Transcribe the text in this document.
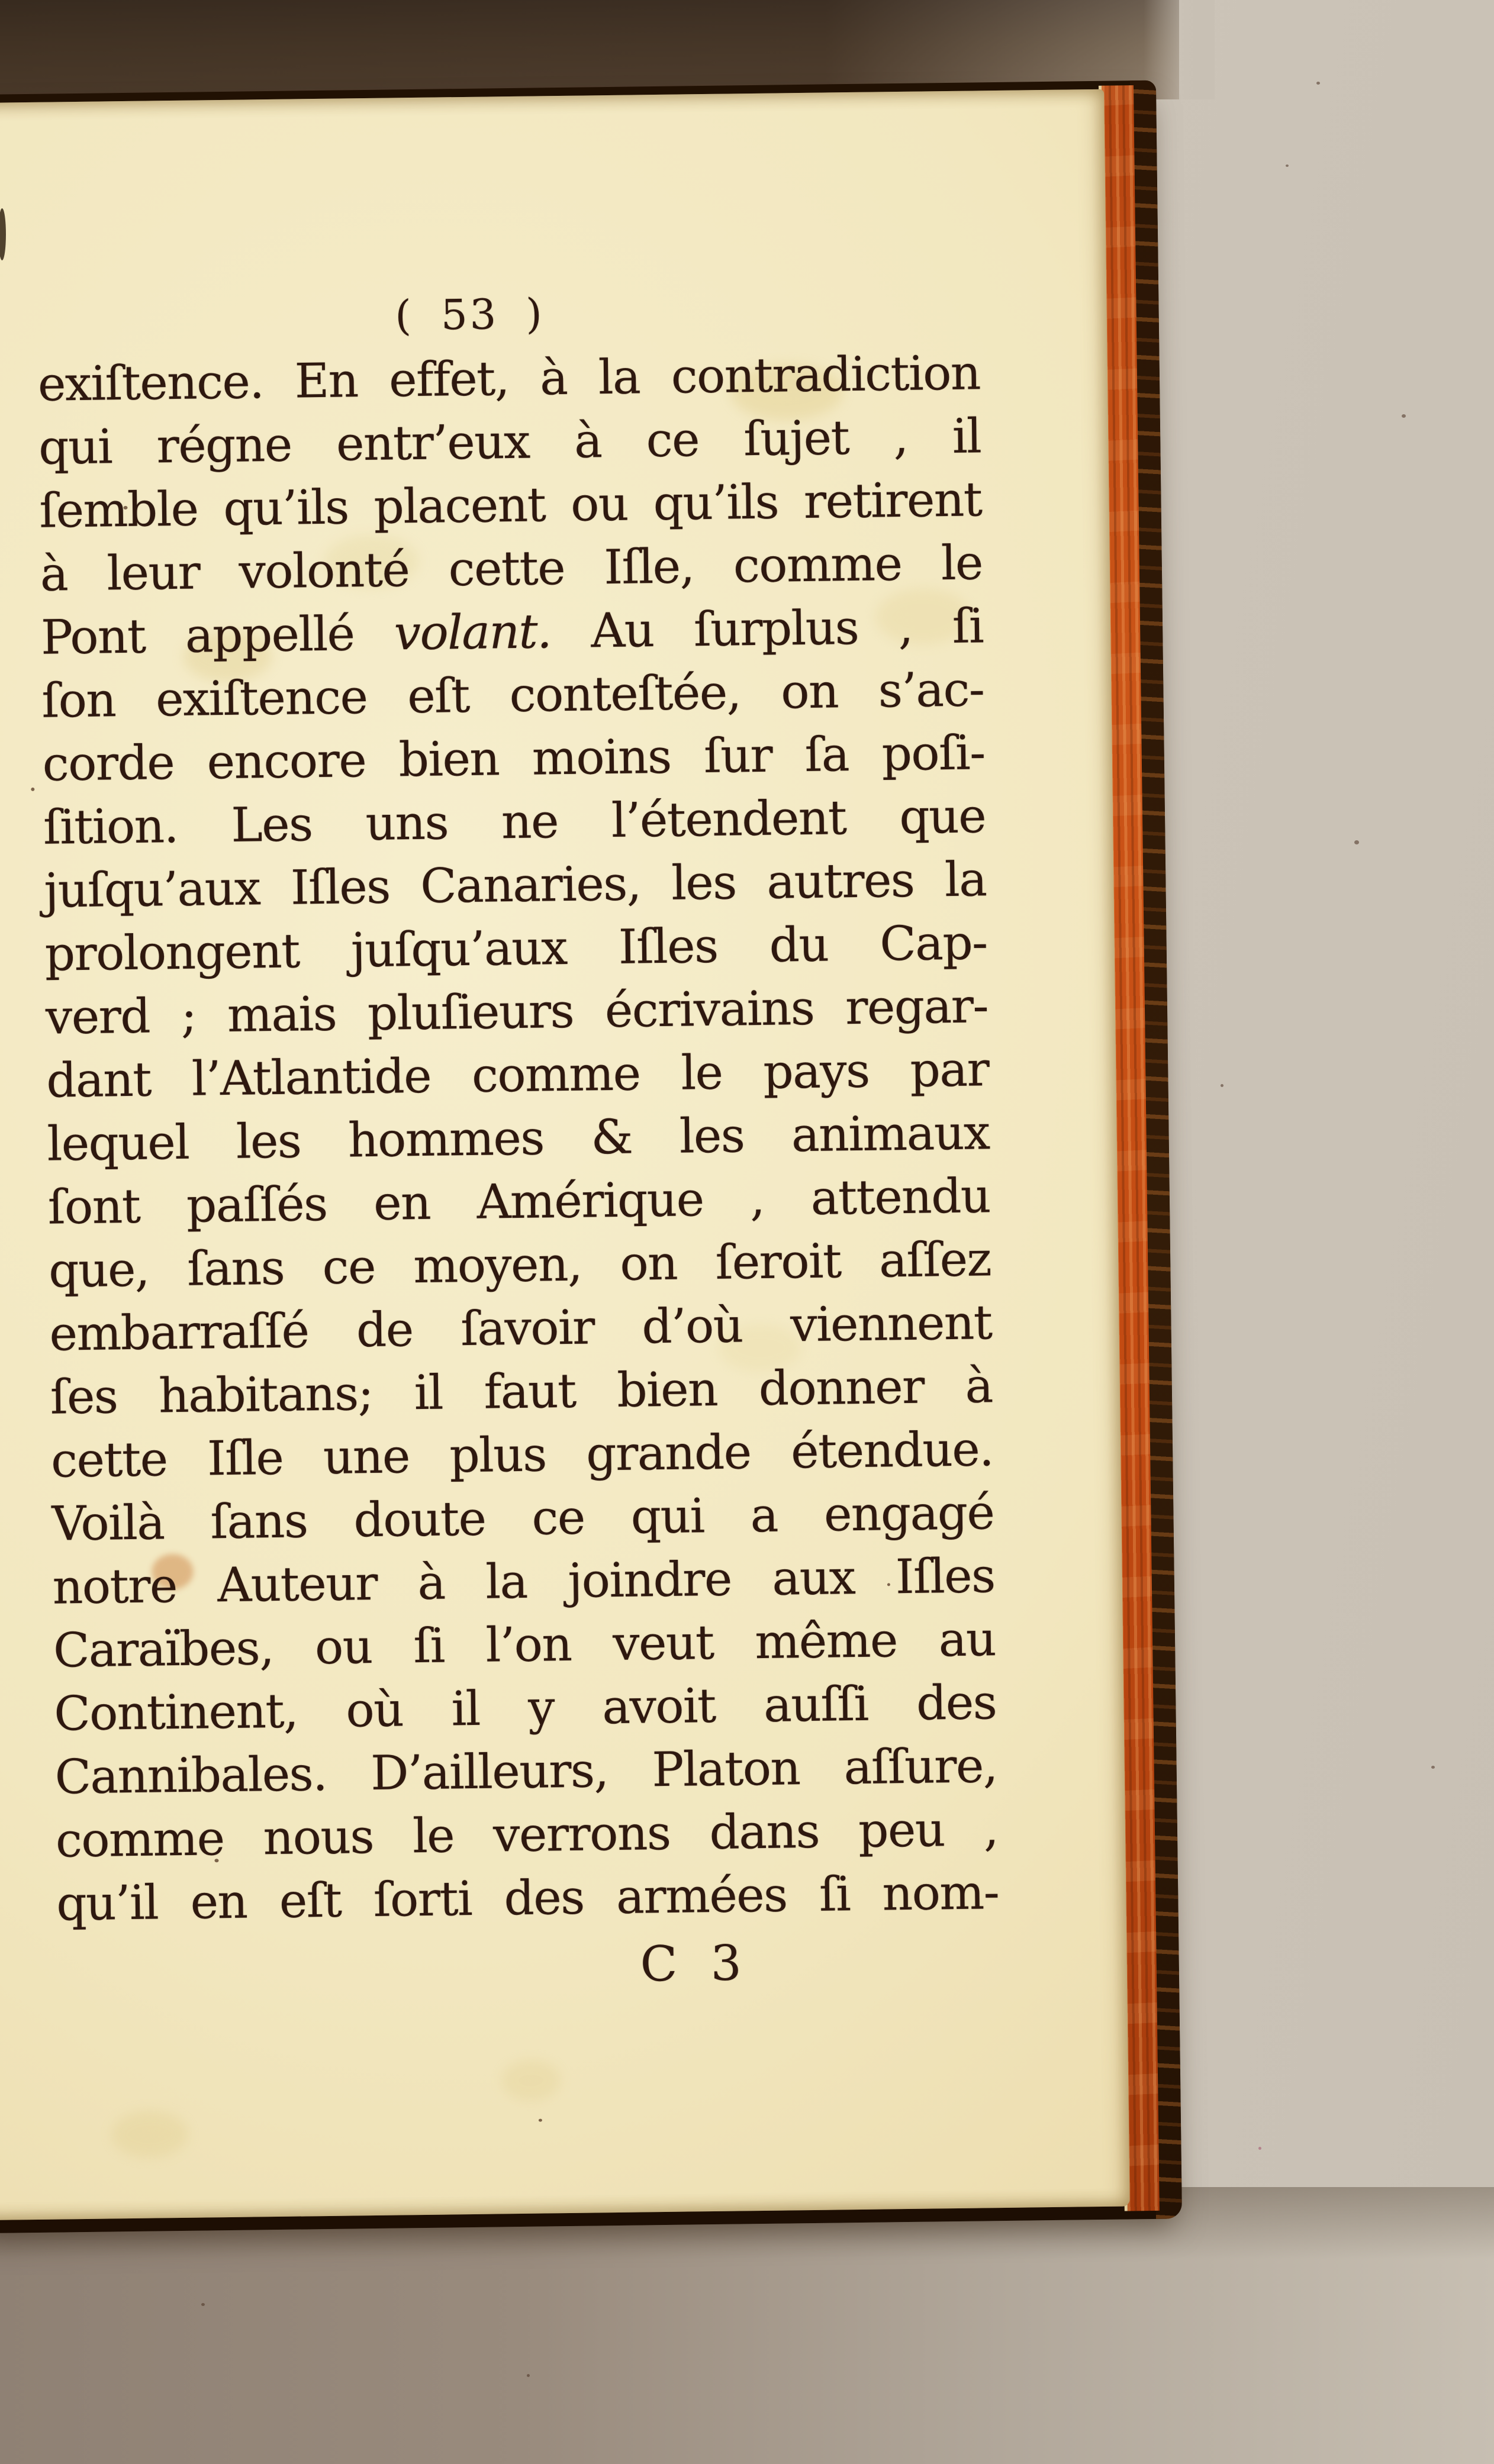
( 53 )
exiſtence. En effet, à la contradiction
qui régne entr’eux à ce ſujet , il
ſemble qu’ils placent ou qu’ils retirent
à leur volonté cette Iſle, comme le
Pont appellé volant. Au ſurplus , ſi
ſon exiſtence eſt conteſtée, on s’ac-
corde encore bien moins ſur ſa poſi-
ſition. Les uns ne l’étendent que
juſqu’aux Iſles Canaries, les autres la
prolongent juſqu’aux Iſles du Cap-
verd ; mais pluſieurs écrivains regar-
dant l’Atlantide comme le pays par
lequel les hommes & les animaux
ſont paſſés en Amérique , attendu
que, ſans ce moyen, on ſeroit aſſez
embarraſſé de ſavoir d’où viennent
ſes habitans; il faut bien donner à
cette Iſle une plus grande étendue.
Voilà ſans doute ce qui a engagé
notre Auteur à la joindre aux Iſles
Caraïbes, ou ſi l’on veut même au
Continent, où il y avoit auſſi des
Cannibales. D’ailleurs, Platon aſſure,
comme nous le verrons dans peu ,
qu’il en eſt ſorti des armées ſi nom-
C 3
